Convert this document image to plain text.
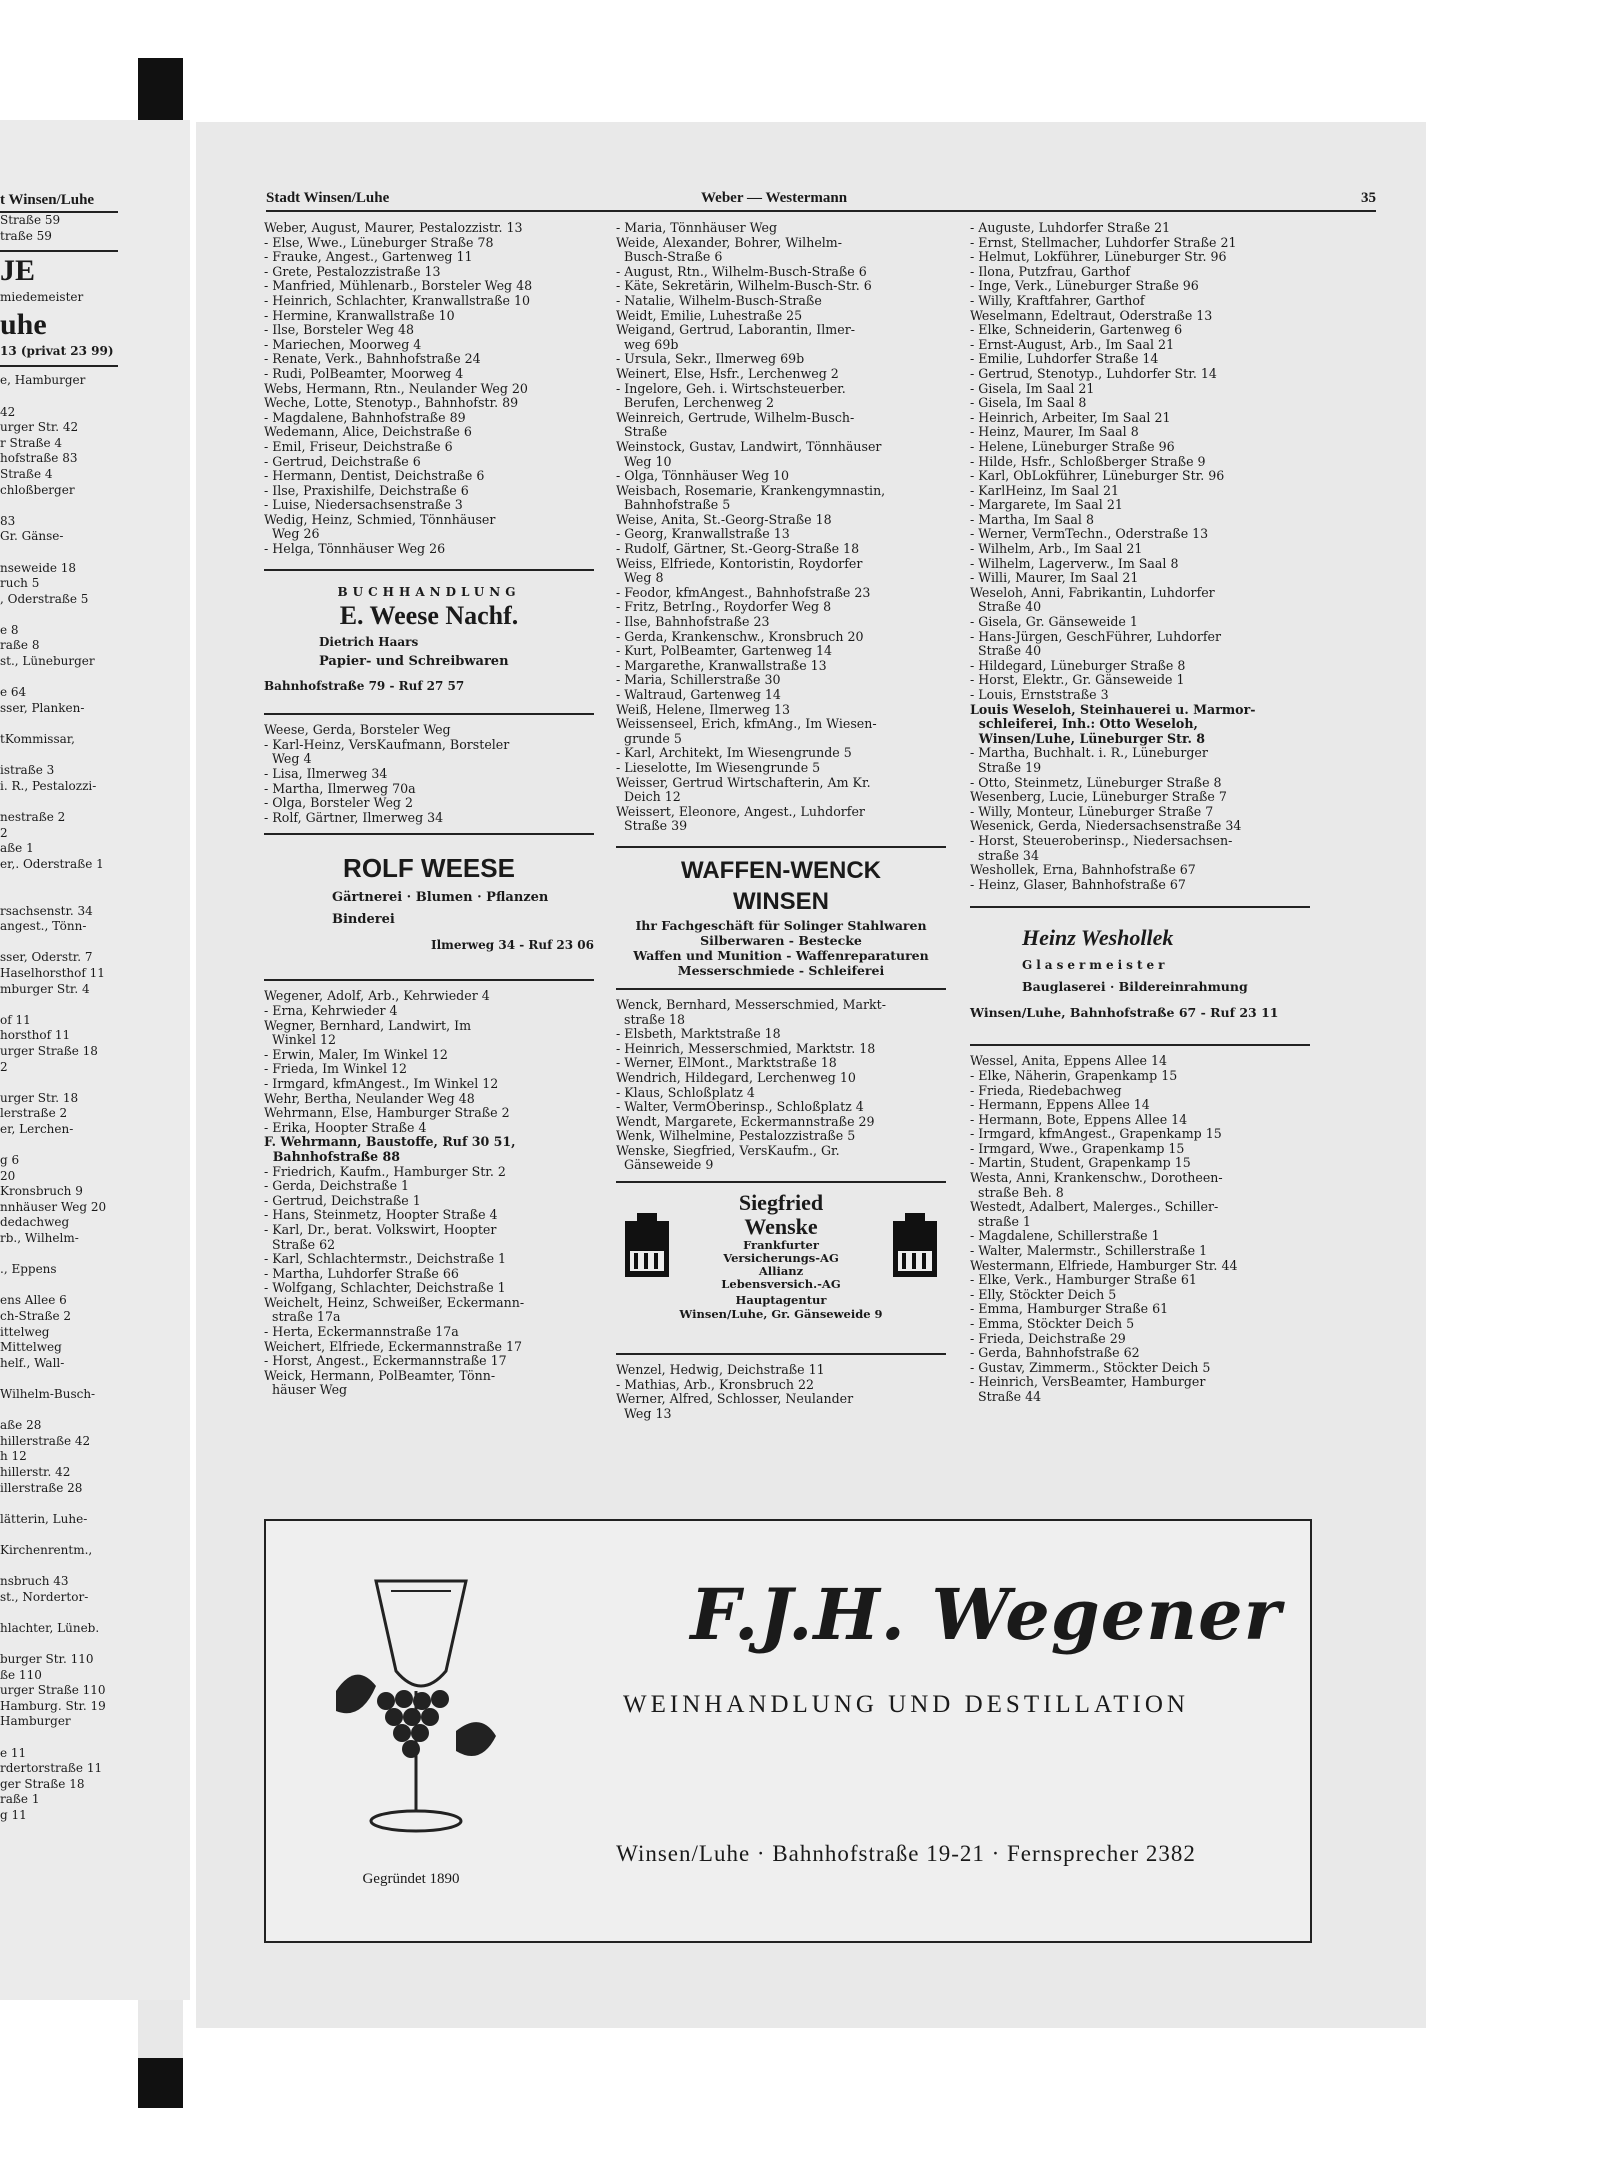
t Winsen/Luhe
Straße 59
traße 59
JE
miedemeister
uhe
13 (privat 23 99)
e, Hamburger

42
urger Str. 42
r Straße 4
hofstraße 83
Straße 4
chloßberger

83
Gr. Gänse-

nseweide 18
ruch 5
, Oderstraße 5

e 8
raße 8
st., Lüneburger

e 64
sser, Planken-

tKommissar,

istraße 3
i. R., Pestalozzi-

nestraße 2
2
aße 1
er,. Oderstraße 1

rsachsenstr. 34
angest., Tönn-

sser, Oderstr. 7
Haselhorsthof 11
mburger Str. 4

of 11
horsthof 11
urger Straße 18
2

urger Str. 18
lerstraße 2
er, Lerchen-

g 6
20
Kronsbruch 9
nnhäuser Weg 20
dedachweg
rb., Wilhelm-

., Eppens

ens Allee 6
ch-Straße 2
ittelweg
Mittelweg
helf., Wall-

Wilhelm-Busch-

aße 28
hillerstraße 42
h 12
hillerstr. 42
illerstraße 28

lätterin, Luhe-

Kirchenrentm.,

nsbruch 43
st., Nordertor-

hlachter, Lüneb.

burger Str. 110
ße 110
urger Straße 110
Hamburg. Str. 19
Hamburger

e 11
rdertorstraße 11
ger Straße 18
raße 1
g 11
Stadt Winsen/Luhe	Weber — Westermann	35
Weber, August, Maurer, Pestalozzistr. 13
- Else, Wwe., Lüneburger Straße 78
- Frauke, Angest., Gartenweg 11
- Grete, Pestalozzistraße 13
- Manfried, Mühlenarb., Borsteler Weg 48
- Heinrich, Schlachter, Kranwallstraße 10
- Hermine, Kranwallstraße 10
- Ilse, Borsteler Weg 48
- Mariechen, Moorweg 4
- Renate, Verk., Bahnhofstraße 24
- Rudi, PolBeamter, Moorweg 4
Webs, Hermann, Rtn., Neulander Weg 20
Weche, Lotte, Stenotyp., Bahnhofstr. 89
- Magdalene, Bahnhofstraße 89
Wedemann, Alice, Deichstraße 6
- Emil, Friseur, Deichstraße 6
- Gertrud, Deichstraße 6
- Hermann, Dentist, Deichstraße 6
- Ilse, Praxishilfe, Deichstraße 6
- Luise, Niedersachsenstraße 3
Wedig, Heinz, Schmied, Tönnhäuser
Weg 26
- Helga, Tönnhäuser Weg 26
BUCHHANDLUNG
E. Weese Nachf.
Dietrich Haars
Papier- und Schreibwaren
Bahnhofstraße 79 - Ruf 27 57
Weese, Gerda, Borsteler Weg
- Karl-Heinz, VersKaufmann, Borsteler
Weg 4
- Lisa, Ilmerweg 34
- Martha, Ilmerweg 70a
- Olga, Borsteler Weg 2
- Rolf, Gärtner, Ilmerweg 34
ROLF WEESE
Gärtnerei · Blumen · Pflanzen
Binderei
Ilmerweg 34 - Ruf 23 06
Wegener, Adolf, Arb., Kehrwieder 4
- Erna, Kehrwieder 4
Wegner, Bernhard, Landwirt, Im
Winkel 12
- Erwin, Maler, Im Winkel 12
- Frieda, Im Winkel 12
- Irmgard, kfmAngest., Im Winkel 12
Wehr, Bertha, Neulander Weg 48
Wehrmann, Else, Hamburger Straße 2
- Erika, Hoopter Straße 4
F. Wehrmann, Baustoffe, Ruf 30 51,
Bahnhofstraße 88
- Friedrich, Kaufm., Hamburger Str. 2
- Gerda, Deichstraße 1
- Gertrud, Deichstraße 1
- Hans, Steinmetz, Hoopter Straße 4
- Karl, Dr., berat. Volkswirt, Hoopter
Straße 62
- Karl, Schlachtermstr., Deichstraße 1
- Martha, Luhdorfer Straße 66
- Wolfgang, Schlachter, Deichstraße 1
Weichelt, Heinz, Schweißer, Eckermann-
straße 17a
- Herta, Eckermannstraße 17a
Weichert, Elfriede, Eckermannstraße 17
- Horst, Angest., Eckermannstraße 17
Weick, Hermann, PolBeamter, Tönn-
häuser Weg
- Maria, Tönnhäuser Weg
Weide, Alexander, Bohrer, Wilhelm-
Busch-Straße 6
- August, Rtn., Wilhelm-Busch-Straße 6
- Käte, Sekretärin, Wilhelm-Busch-Str. 6
- Natalie, Wilhelm-Busch-Straße
Weidt, Emilie, Luhestraße 25
Weigand, Gertrud, Laborantin, Ilmer-
weg 69b
- Ursula, Sekr., Ilmerweg 69b
Weinert, Else, Hsfr., Lerchenweg 2
- Ingelore, Geh. i. Wirtschsteuerber.
Berufen, Lerchenweg 2
Weinreich, Gertrude, Wilhelm-Busch-
Straße
Weinstock, Gustav, Landwirt, Tönnhäuser
Weg 10
- Olga, Tönnhäuser Weg 10
Weisbach, Rosemarie, Krankengymnastin,
Bahnhofstraße 5
Weise, Anita, St.-Georg-Straße 18
- Georg, Kranwallstraße 13
- Rudolf, Gärtner, St.-Georg-Straße 18
Weiss, Elfriede, Kontoristin, Roydorfer
Weg 8
- Feodor, kfmAngest., Bahnhofstraße 23
- Fritz, BetrIng., Roydorfer Weg 8
- Ilse, Bahnhofstraße 23
- Gerda, Krankenschw., Kronsbruch 20
- Kurt, PolBeamter, Gartenweg 14
- Margarethe, Kranwallstraße 13
- Maria, Schillerstraße 30
- Waltraud, Gartenweg 14
Weiß, Helene, Ilmerweg 13
Weissenseel, Erich, kfmAng., Im Wiesen-
grunde 5
- Karl, Architekt, Im Wiesengrunde 5
- Lieselotte, Im Wiesengrunde 5
Weisser, Gertrud Wirtschafterin, Am Kr.
Deich 12
Weissert, Eleonore, Angest., Luhdorfer
Straße 39
WAFFEN-WENCK
WINSEN
Ihr Fachgeschäft für Solinger Stahlwaren
Silberwaren - Bestecke
Waffen und Munition - Waffenreparaturen
Messerschmiede - Schleiferei
Wenck, Bernhard, Messerschmied, Markt-
straße 18
- Elsbeth, Marktstraße 18
- Heinrich, Messerschmied, Marktstr. 18
- Werner, ElMont., Marktstraße 18
Wendrich, Hildegard, Lerchenweg 10
- Klaus, Schloßplatz 4
- Walter, VermOberinsp., Schloßplatz 4
Wendt, Margarete, Eckermannstraße 29
Wenk, Wilhelmine, Pestalozzistraße 5
Wenske, Siegfried, VersKaufm., Gr.
Gänseweide 9
Siegfried
Wenske
Frankfurter
Versicherungs-AG
Allianz
Lebensversich.-AG
Hauptagentur
Winsen/Luhe, Gr. Gänseweide 9
Wenzel, Hedwig, Deichstraße 11
- Mathias, Arb., Kronsbruch 22
Werner, Alfred, Schlosser, Neulander
Weg 13
- Auguste, Luhdorfer Straße 21
- Ernst, Stellmacher, Luhdorfer Straße 21
- Helmut, Lokführer, Lüneburger Str. 96
- Ilona, Putzfrau, Garthof
- Inge, Verk., Lüneburger Straße 96
- Willy, Kraftfahrer, Garthof
Weselmann, Edeltraut, Oderstraße 13
- Elke, Schneiderin, Gartenweg 6
- Ernst-August, Arb., Im Saal 21
- Emilie, Luhdorfer Straße 14
- Gertrud, Stenotyp., Luhdorfer Str. 14
- Gisela, Im Saal 21
- Gisela, Im Saal 8
- Heinrich, Arbeiter, Im Saal 21
- Heinz, Maurer, Im Saal 8
- Helene, Lüneburger Straße 96
- Hilde, Hsfr., Schloßberger Straße 9
- Karl, ObLokführer, Lüneburger Str. 96
- KarlHeinz, Im Saal 21
- Margarete, Im Saal 21
- Martha, Im Saal 8
- Werner, VermTechn., Oderstraße 13
- Wilhelm, Arb., Im Saal 21
- Wilhelm, Lagerverw., Im Saal 8
- Willi, Maurer, Im Saal 21
Weseloh, Anni, Fabrikantin, Luhdorfer
Straße 40
- Gisela, Gr. Gänseweide 1
- Hans-Jürgen, GeschFührer, Luhdorfer
Straße 40
- Hildegard, Lüneburger Straße 8
- Horst, Elektr., Gr. Gänseweide 1
- Louis, Ernststraße 3
Louis Weseloh, Steinhauerei u. Marmor-
schleiferei, Inh.: Otto Weseloh,
Winsen/Luhe, Lüneburger Str. 8
- Martha, Buchhalt. i. R., Lüneburger
Straße 19
- Otto, Steinmetz, Lüneburger Straße 8
Wesenberg, Lucie, Lüneburger Straße 7
- Willy, Monteur, Lüneburger Straße 7
Wesenick, Gerda, Niedersachsenstraße 34
- Horst, Steueroberinsp., Niedersachsen-
straße 34
Weshollek, Erna, Bahnhofstraße 67
- Heinz, Glaser, Bahnhofstraße 67
Heinz Weshollek
Glasermeister
Bauglaserei · Bildereinrahmung
Winsen/Luhe, Bahnhofstraße 67 - Ruf 23 11
Wessel, Anita, Eppens Allee 14
- Elke, Näherin, Grapenkamp 15
- Frieda, Riedebachweg
- Hermann, Eppens Allee 14
- Hermann, Bote, Eppens Allee 14
- Irmgard, kfmAngest., Grapenkamp 15
- Irmgard, Wwe., Grapenkamp 15
- Martin, Student, Grapenkamp 15
Westa, Anni, Krankenschw., Dorotheen-
straße Beh. 8
Westedt, Adalbert, Malerges., Schiller-
straße 1
- Magdalene, Schillerstraße 1
- Walter, Malermstr., Schillerstraße 1
Westermann, Elfriede, Hamburger Str. 44
- Elke, Verk., Hamburger Straße 61
- Elly, Stöckter Deich 5
- Emma, Hamburger Straße 61
- Emma, Stöckter Deich 5
- Frieda, Deichstraße 29
- Gerda, Bahnhofstraße 62
- Gustav, Zimmerm., Stöckter Deich 5
- Heinrich, VersBeamter, Hamburger
Straße 44
Gegründet 1890
F.J.H. Wegener
WEINHANDLUNG UND DESTILLATION
Winsen/Luhe · Bahnhofstraße 19-21 · Fernsprecher 2382
